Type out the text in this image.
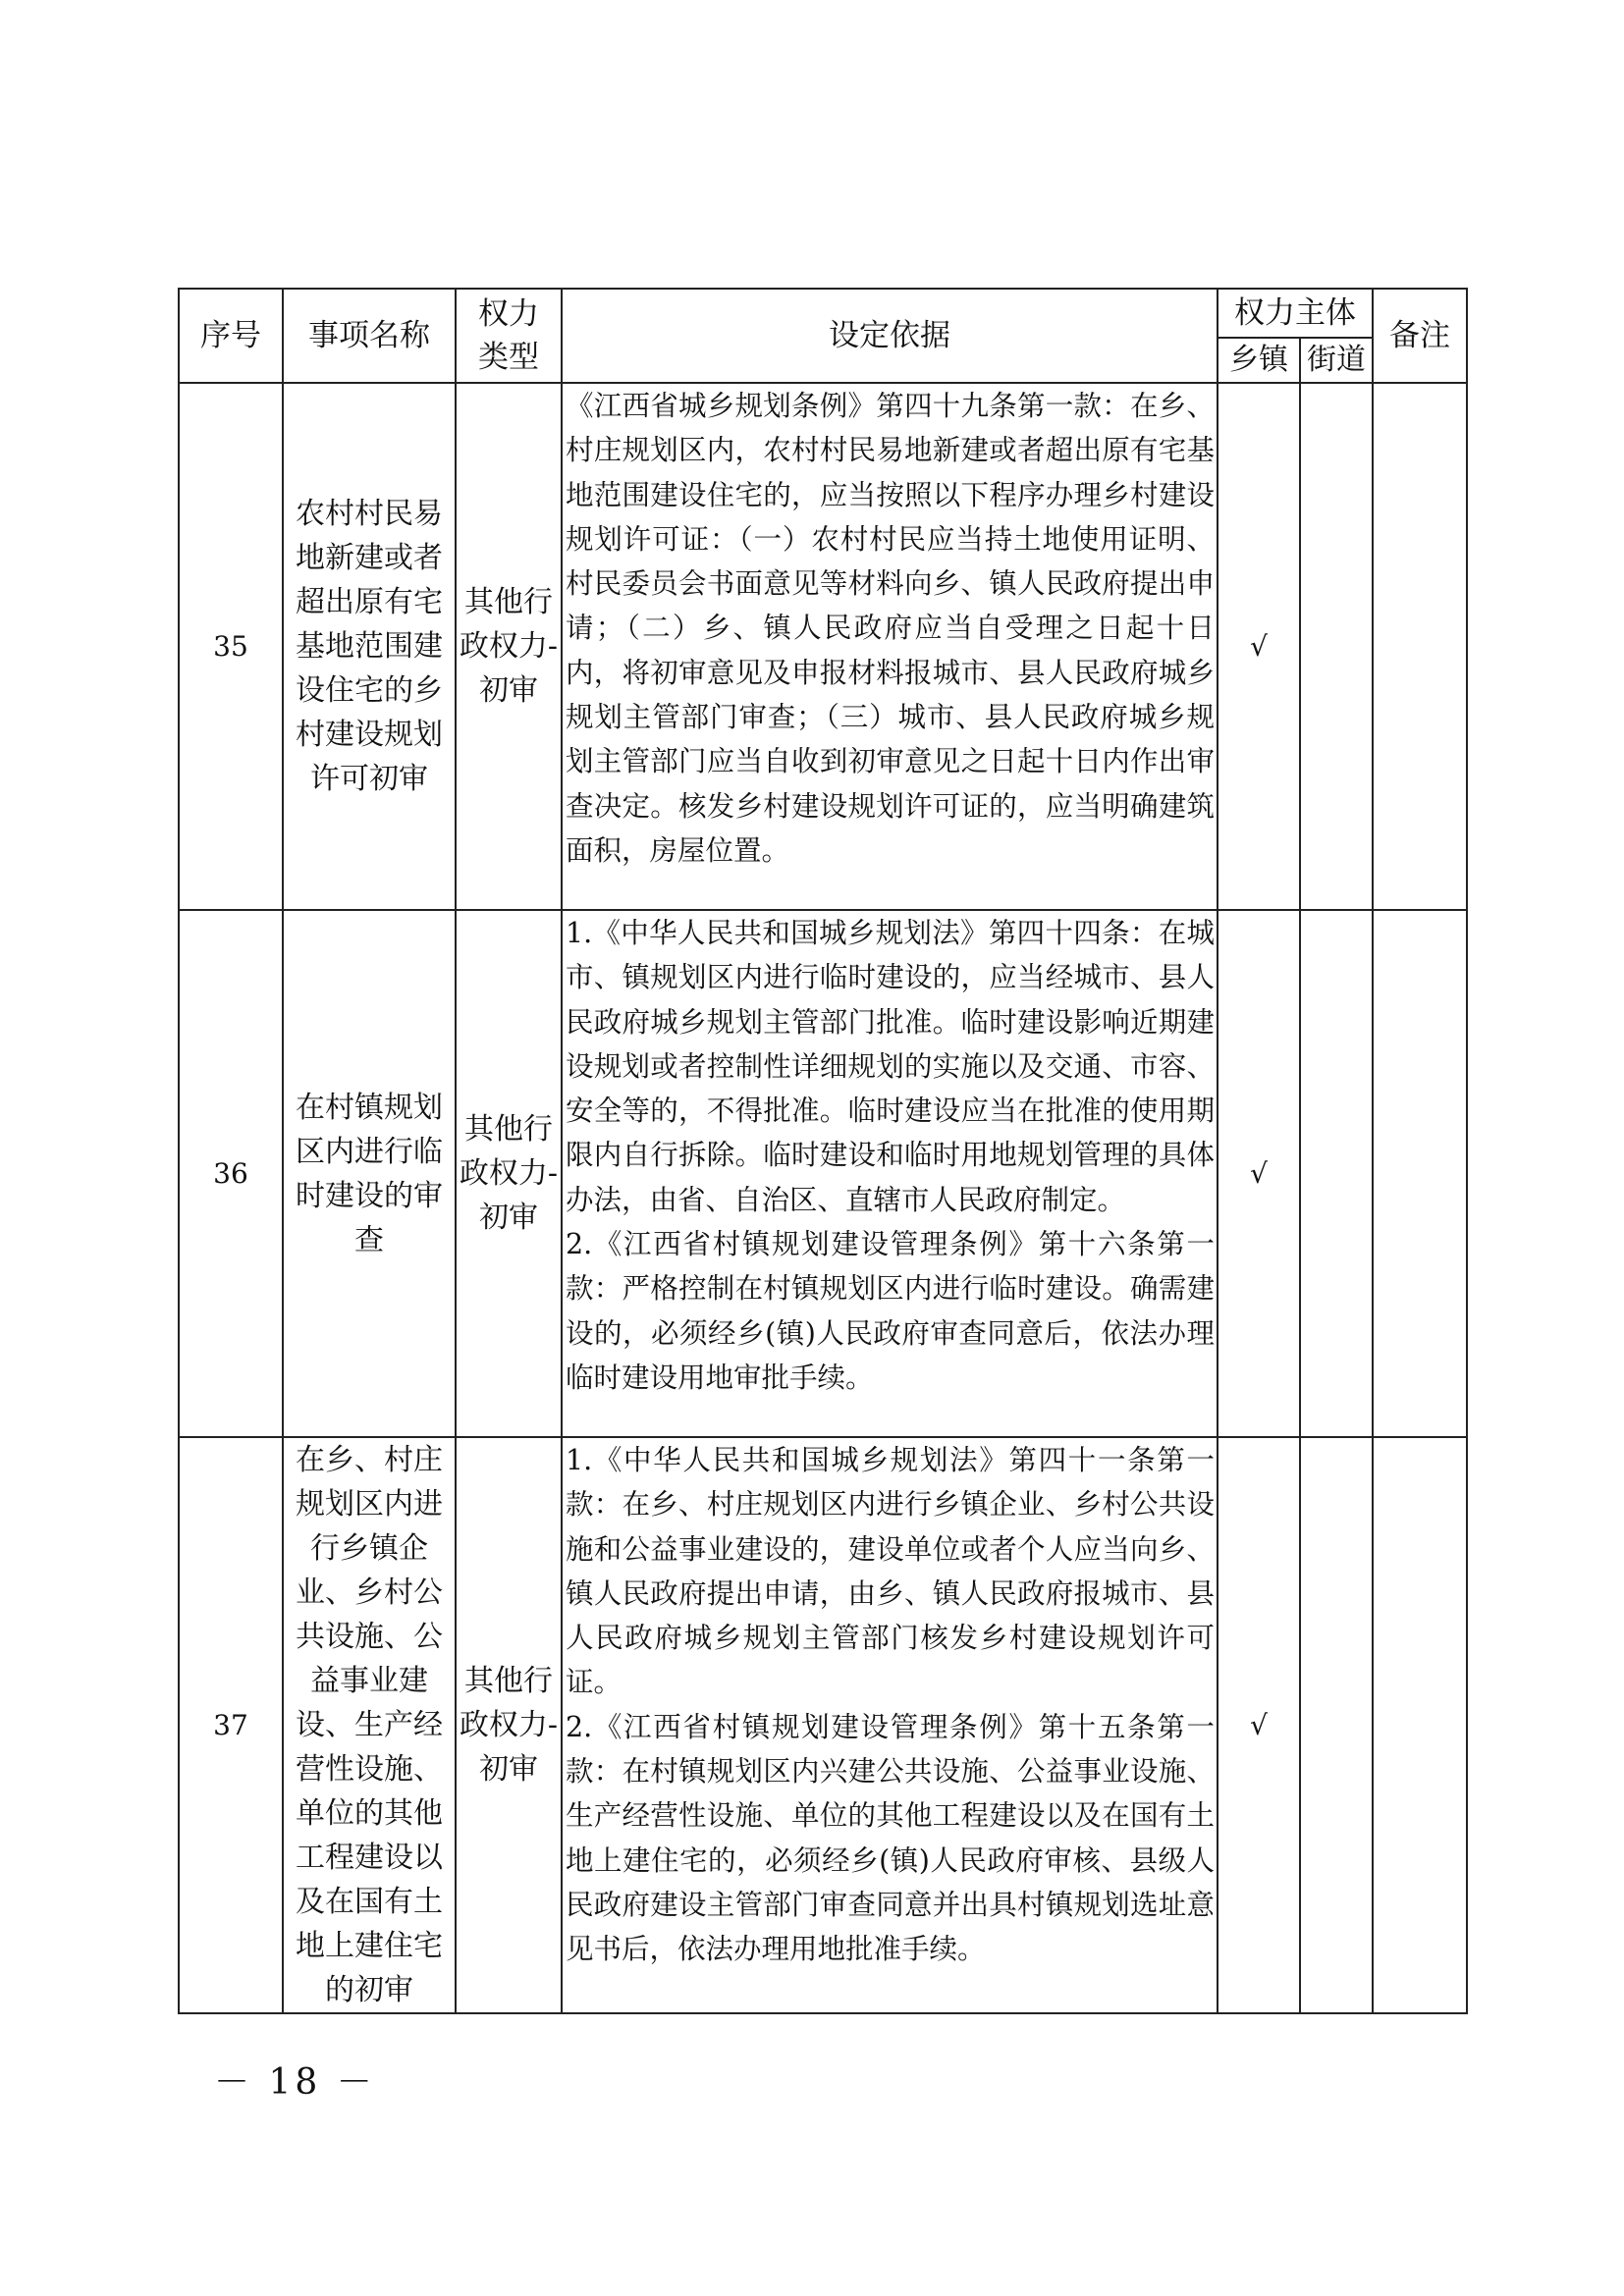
序号	事项名称	权力类型	设定依据	权力主体		备注
				乡镇	街道	
35	农村村民易地新建或者超出原有宅基地范围建设住宅的乡村建设规划许可初审	其他行政权力-初审	《江西省城乡规划条例》第四十九条第一款：在乡、村庄规划区内，农村村民易地新建或者超出原有宅基地范围建设住宅的，应当按照以下程序办理乡村建设规划许可证：（一）农村村民应当持土地使用证明、村民委员会书面意见等材料向乡、镇人民政府提出申请；（二）乡、镇人民政府应当自受理之日起十日内，将初审意见及申报材料报城市、县人民政府城乡规划主管部门审查；（三）城市、县人民政府城乡规划主管部门应当自收到初审意见之日起十日内作出审查决定。核发乡村建设规划许可证的，应当明确建筑面积，房屋位置。	√		
36	在村镇规划区内进行临时建设的审查	其他行政权力-初审	1.《中华人民共和国城乡规划法》第四十四条：在城市、镇规划区内进行临时建设的，应当经城市、县人民政府城乡规划主管部门批准。临时建设影响近期建设规划或者控制性详细规划的实施以及交通、市容、安全等的，不得批准。临时建设应当在批准的使用期限内自行拆除。临时建设和临时用地规划管理的具体办法，由省、自治区、直辖市人民政府制定。

2.《江西省村镇规划建设管理条例》第十六条第一款：严格控制在村镇规划区内进行临时建设。确需建设的，必须经乡(镇)人民政府审查同意后，依法办理临时建设用地审批手续。	√		
37	在乡、村庄规划区内进行乡镇企业、乡村公共设施、公益事业建设、生产经营性设施、单位的其他工程建设以及在国有土地上建住宅的初审	其他行政权力-初审	1.《中华人民共和国城乡规划法》第四十一条第一款：在乡、村庄规划区内进行乡镇企业、乡村公共设施和公益事业建设的，建设单位或者个人应当向乡、镇人民政府提出申请，由乡、镇人民政府报城市、县人民政府城乡规划主管部门核发乡村建设规划许可证。

2.《江西省村镇规划建设管理条例》第十五条第一款：在村镇规划区内兴建公共设施、公益事业设施、生产经营性设施、单位的其他工程建设以及在国有土地上建住宅的，必须经乡(镇)人民政府审核、县级人民政府建设主管部门审查同意并出具村镇规划选址意见书后，依法办理用地批准手续。	√		
－ 18 －
